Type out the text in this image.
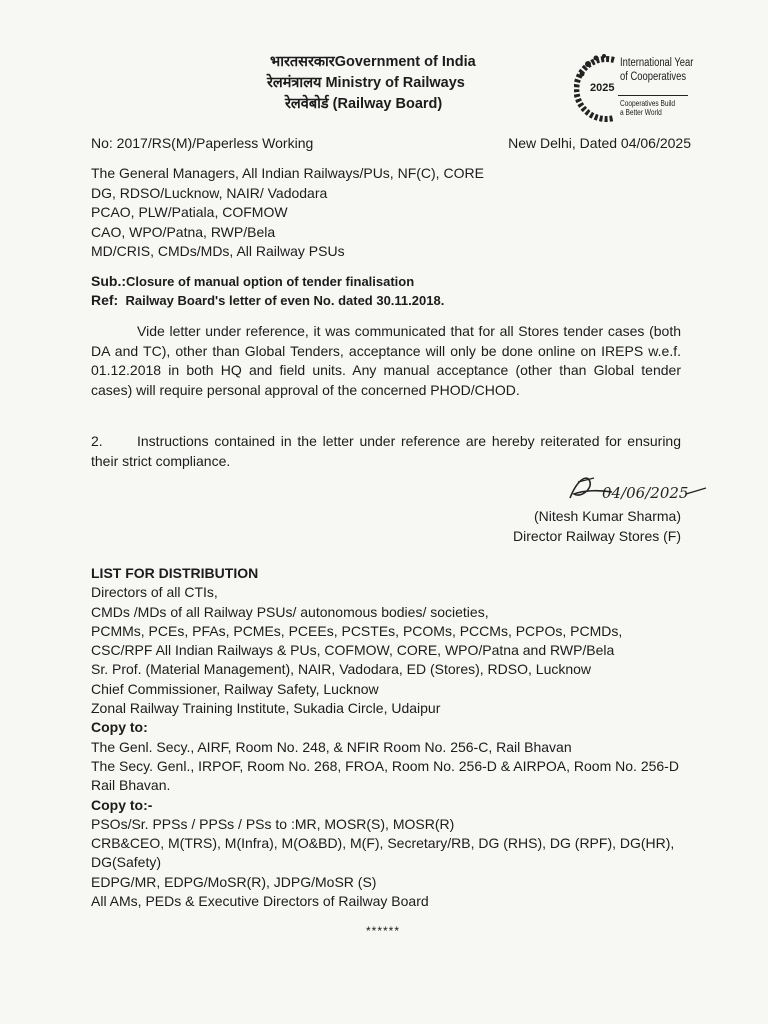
भारतसरकारGovernment of India
रेलमंत्रालय Ministry of Railways
रेलवेबोर्ड (Railway Board)
2025
International Year
of Cooperatives
Cooperatives Build
a Better World
No: 2017/RS(M)/Paperless Working	New Delhi, Dated 04/06/2025
The General Managers, All Indian Railways/PUs, NF(C), CORE
DG, RDSO/Lucknow, NAIR/ Vadodara
PCAO, PLW/Patiala, COFMOW
CAO, WPO/Patna, RWP/Bela
MD/CRIS, CMDs/MDs, All Railway PSUs
Sub.:Closure of manual option of tender finalisation
Ref: Railway Board's letter of even No. dated 30.11.2018.
Vide letter under reference, it was communicated that for all Stores tender cases (both DA and TC), other than Global Tenders, acceptance will only be done online on IREPS w.e.f. 01.12.2018 in both HQ and field units. Any manual acceptance (other than Global tender cases) will require personal approval of the concerned PHOD/CHOD.
2. Instructions contained in the letter under reference are hereby reiterated for ensuring their strict compliance.
04/06/2025
(Nitesh Kumar Sharma)
Director Railway Stores (F)
LIST FOR DISTRIBUTION
Directors of all CTIs,
CMDs /MDs of all Railway PSUs/ autonomous bodies/ societies,
PCMMs, PCEs, PFAs, PCMEs, PCEEs, PCSTEs, PCOMs, PCCMs, PCPOs, PCMDs,
CSC/RPF All Indian Railways & PUs, COFMOW, CORE, WPO/Patna and RWP/Bela
Sr. Prof. (Material Management), NAIR, Vadodara, ED (Stores), RDSO, Lucknow
Chief Commissioner, Railway Safety, Lucknow
Zonal Railway Training Institute, Sukadia Circle, Udaipur
Copy to:
The Genl. Secy., AIRF, Room No. 248, & NFIR Room No. 256-C, Rail Bhavan
The Secy. Genl., IRPOF, Room No. 268, FROA, Room No. 256-D & AIRPOA, Room No. 256-D Rail Bhavan.
Copy to:-
PSOs/Sr. PPSs / PPSs / PSs to :MR, MOSR(S), MOSR(R)
CRB&CEO, M(TRS), M(Infra), M(O&BD), M(F), Secretary/RB, DG (RHS), DG (RPF), DG(HR), DG(Safety)
EDPG/MR, EDPG/MoSR(R), JDPG/MoSR (S)
All AMs, PEDs & Executive Directors of Railway Board
******
